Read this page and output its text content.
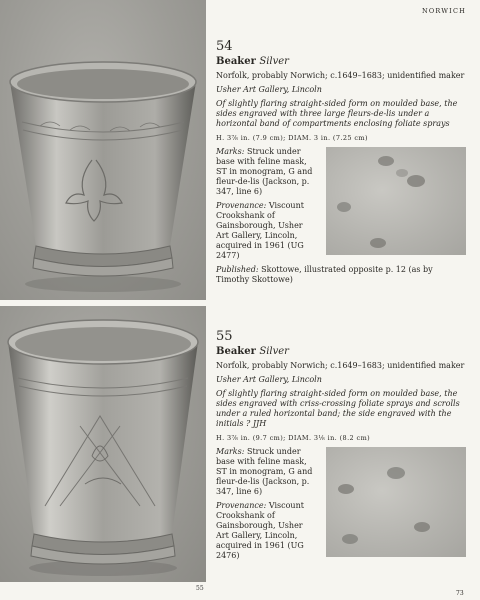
55
NORWICH
54
Beaker Silver

Norfolk, probably Norwich; c.1649–1683; unidentified maker

Usher Art Gallery, Lincoln

Of slightly flaring straight-sided form on moulded base, the sides engraved with three large fleurs-de-lis under a horizontal band of compartments enclosing foliate sprays

H. 3⅞ in. (7.9 cm); DIAM. 3 in. (7.25 cm)

Marks: Struck under base with feline mask, ST in monogram, G and fleur-de-lis (Jackson, p. 347, line 6)

Provenance: Viscount Crookshank of Gainsborough, Usher Art Gallery, Lincoln, acquired in 1961 (UG 2477)

Published: Skottowe, illustrated opposite p. 12 (as by Timothy Skottowe)

55
Beaker Silver

Norfolk, probably Norwich; c.1649–1683; unidentified maker

Usher Art Gallery, Lincoln

Of slightly flaring straight-sided form on moulded base, the sides engraved with criss-crossing foliate sprays and scrolls under a ruled horizontal band; the side engraved with the initials ? JJH

H. 3⅞ in. (9.7 cm); DIAM. 3⅛ in. (8.2 cm)

Marks: Struck under base with feline mask, ST in monogram, G and fleur-de-lis (Jackson, p. 347, line 6)

Provenance: Viscount Crookshank of Gainsborough, Usher Art Gallery, Lincoln, acquired in 1961 (UG 2476)

73
